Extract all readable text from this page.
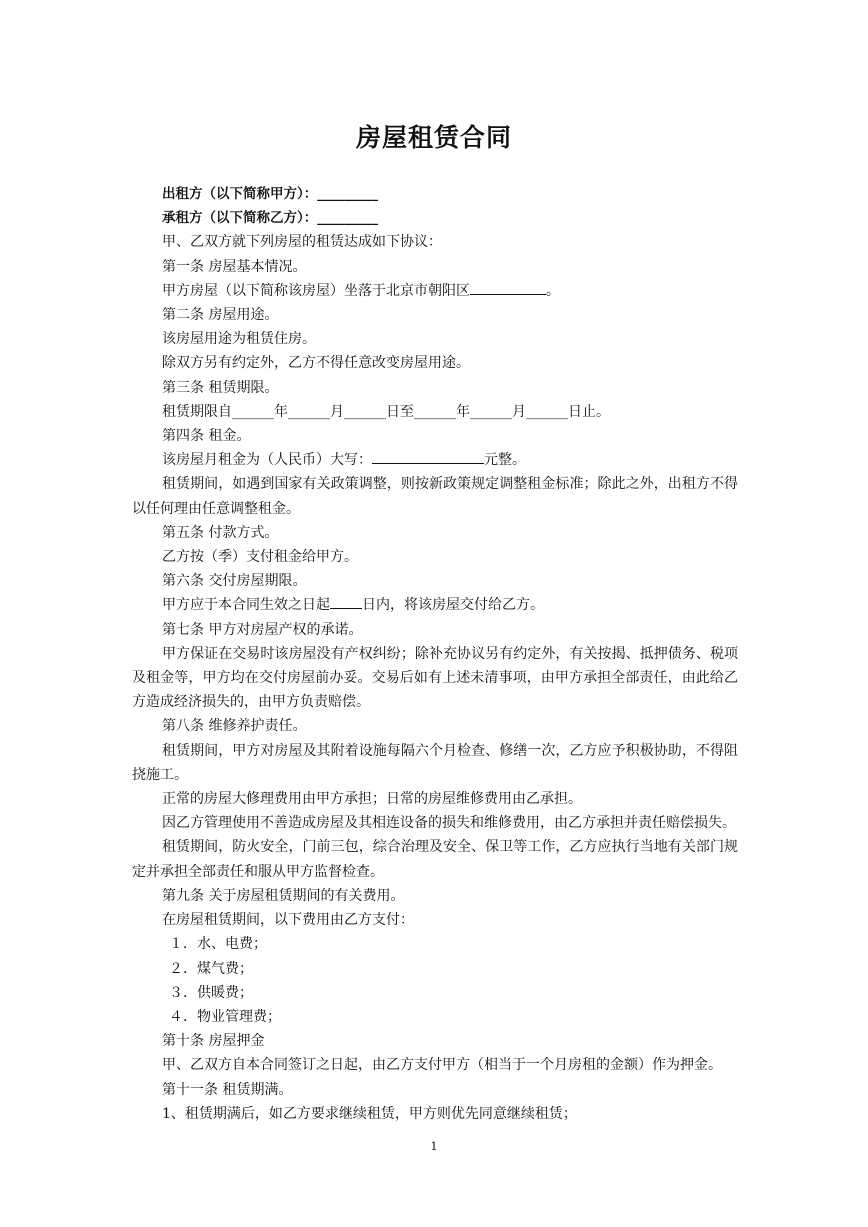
房屋租赁合同

出租方（以下简称甲方）：_________

承租方（以下简称乙方）：_________

甲、乙双方就下列房屋的租赁达成如下协议：

第一条 房屋基本情况。

甲方房屋（以下简称该房屋）坐落于北京市朝阳区	。

第二条 房屋用途。

该房屋用途为租赁住房。

除双方另有约定外，乙方不得任意改变房屋用途。

第三条 租赁期限。

租赁期限自______年______月______日至______年______月______日止。

第四条 租金。

该房屋月租金为（人民币）大写：	元整。

租赁期间，如遇到国家有关政策调整，则按新政策规定调整租金标准；除此之外，出租方不得以任何理由任意调整租金。

第五条 付款方式。

乙方按（季）支付租金给甲方。

第六条 交付房屋期限。

甲方应于本合同生效之日起 日内，将该房屋交付给乙方。

第七条 甲方对房屋产权的承诺。

甲方保证在交易时该房屋没有产权纠纷；除补充协议另有约定外，有关按揭、抵押债务、税项及租金等，甲方均在交付房屋前办妥。交易后如有上述未清事项，由甲方承担全部责任，由此给乙方造成经济损失的，由甲方负责赔偿。

第八条 维修养护责任。

租赁期间，甲方对房屋及其附着设施每隔六个月检查、修缮一次，乙方应予积极协助，不得阻挠施工。

正常的房屋大修理费用由甲方承担；日常的房屋维修费用由乙承担。

因乙方管理使用不善造成房屋及其相连设备的损失和维修费用，由乙方承担并责任赔偿损失。

租赁期间，防火安全，门前三包，综合治理及安全、保卫等工作，乙方应执行当地有关部门规定并承担全部责任和服从甲方监督检查。

第九条 关于房屋租赁期间的有关费用。

在房屋租赁期间，以下费用由乙方支付：

１．水、电费；

２．煤气费；

３．供暖费；

４．物业管理费；

第十条 房屋押金

甲、乙双方自本合同签订之日起，由乙方支付甲方（相当于一个月房租的金额）作为押金。

第十一条 租赁期满。

1、租赁期满后，如乙方要求继续租赁，甲方则优先同意继续租赁；

1
